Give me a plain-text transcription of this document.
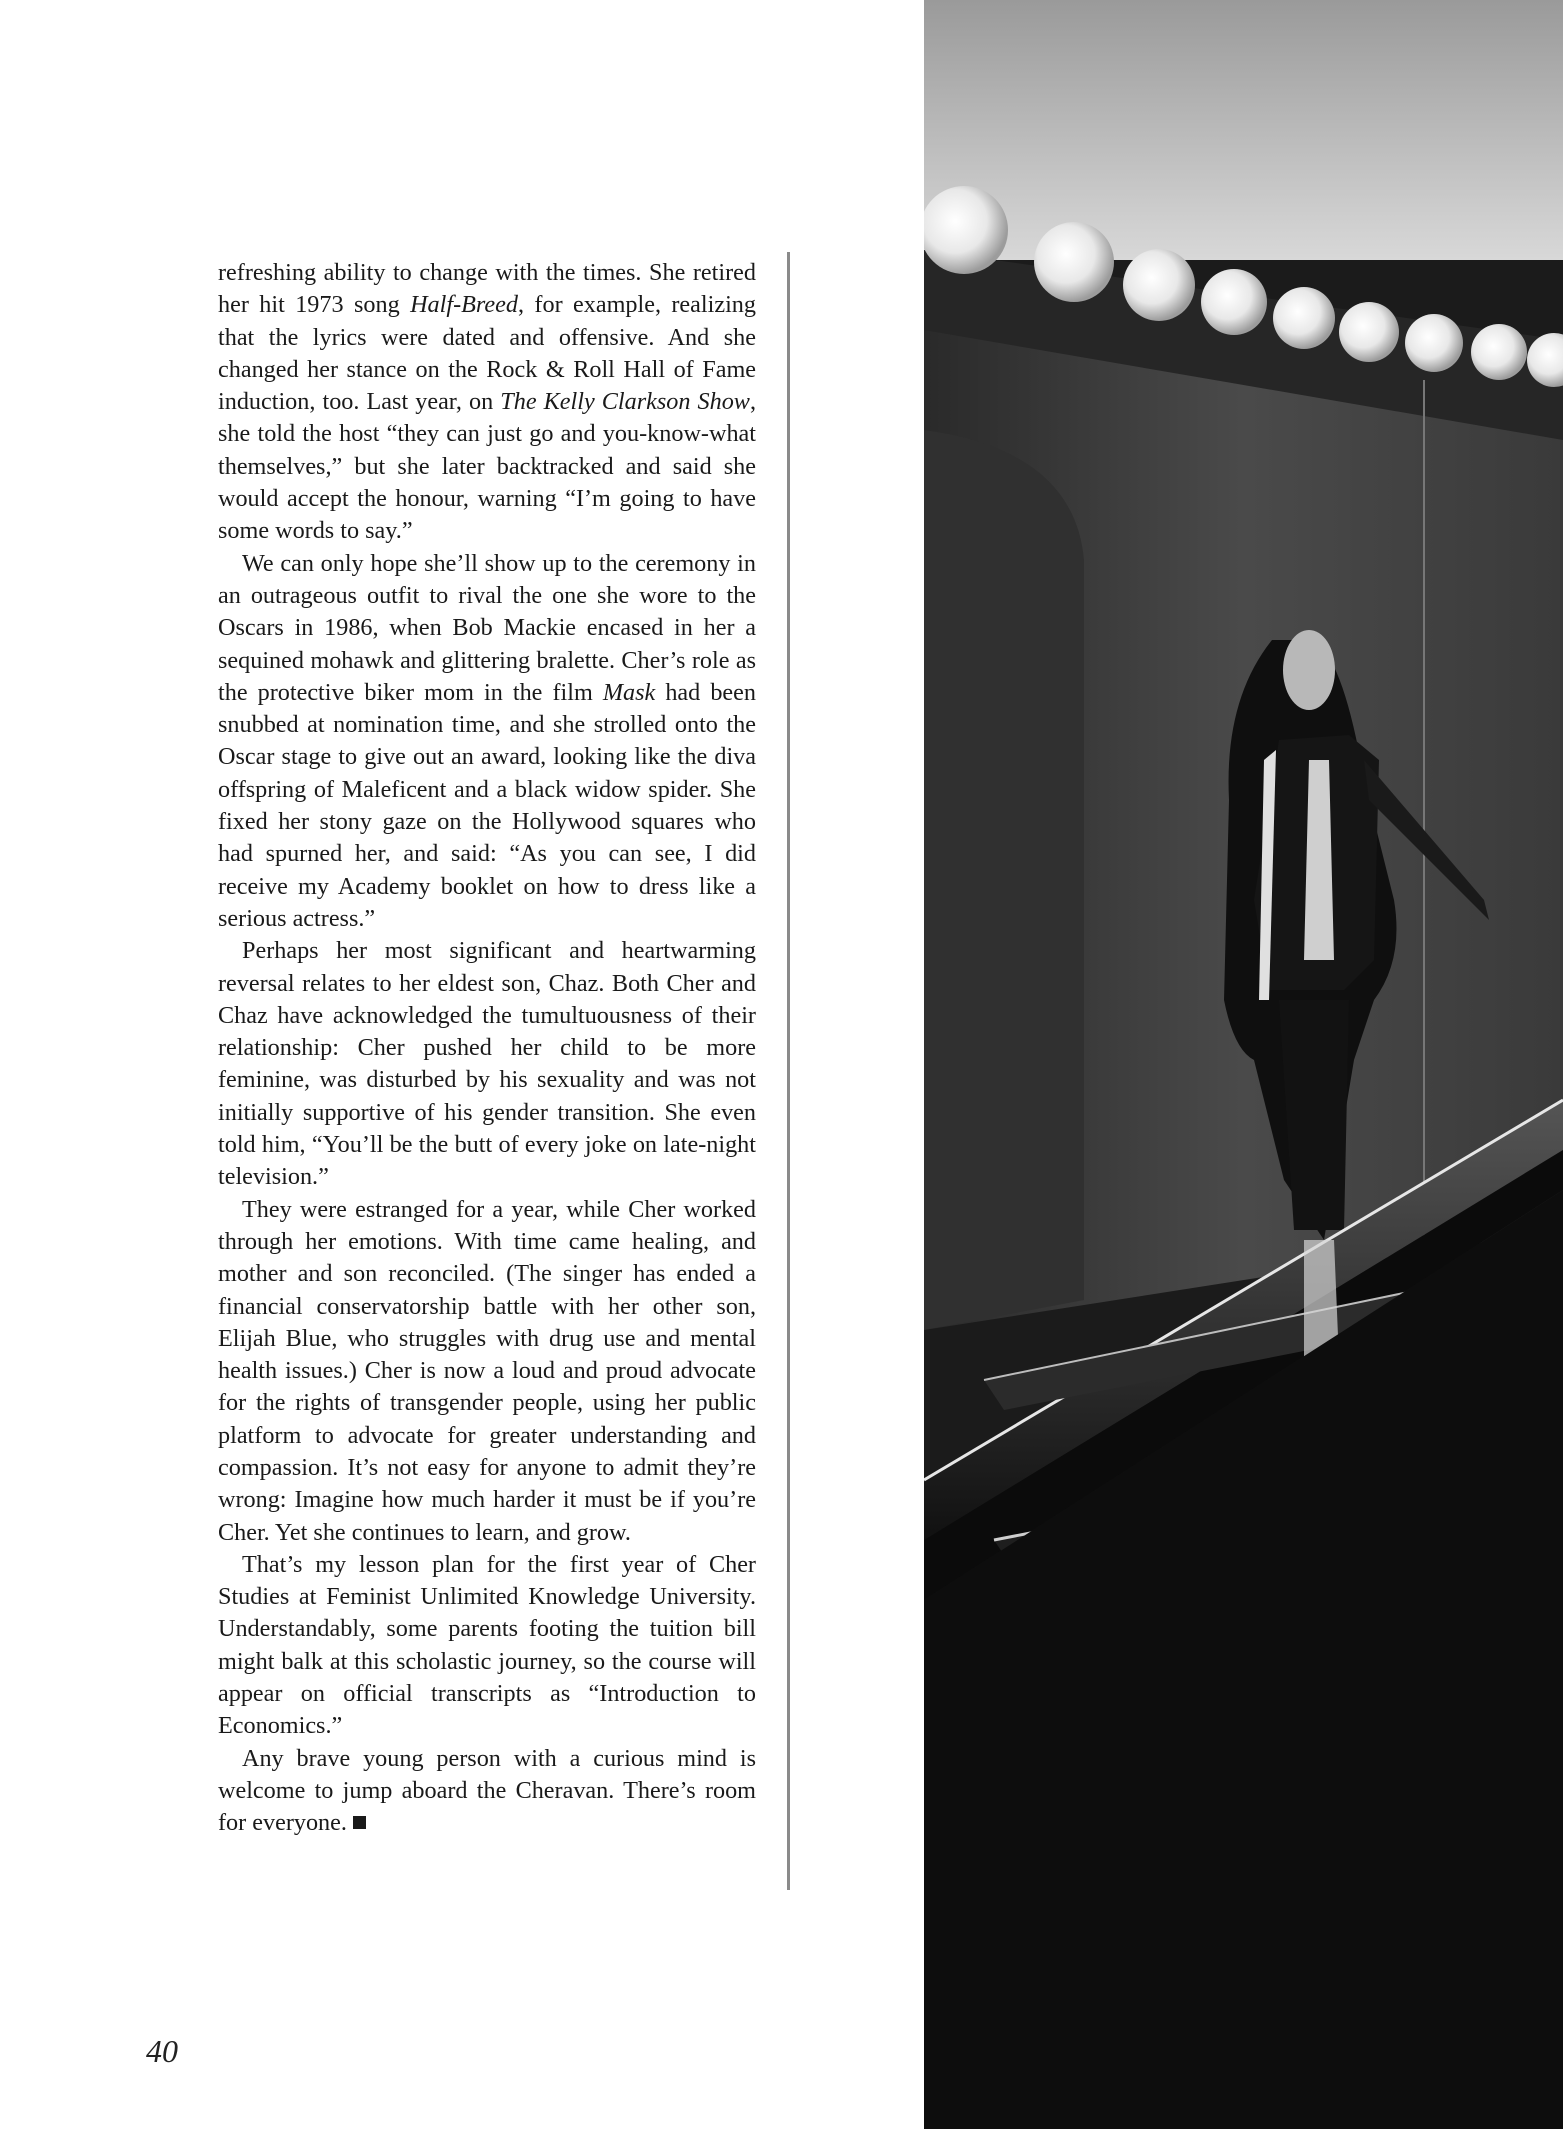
refreshing ability to change with the times. She retired her hit 1973 song Half-Breed, for example, realizing that the lyrics were dated and offensive. And she changed her stance on the Rock & Roll Hall of Fame induction, too. Last year, on The Kelly Clarkson Show, she told the host “they can just go and you-know-what themselves,” but she later backtracked and said she would accept the honour, warning “I’m going to have some words to say.”

We can only hope she’ll show up to the ceremony in an outrageous outfit to rival the one she wore to the Oscars in 1986, when Bob Mackie encased in her a sequined mohawk and glittering bralette. Cher’s role as the protective biker mom in the film Mask had been snubbed at nomination time, and she strolled onto the Oscar stage to give out an award, looking like the diva offspring of Maleficent and a black widow spider. She fixed her stony gaze on the Hollywood squares who had spurned her, and said: “As you can see, I did receive my Academy booklet on how to dress like a serious actress.”

Perhaps her most significant and heartwarming reversal relates to her eldest son, Chaz. Both Cher and Chaz have acknowledged the tumultuousness of their relationship: Cher pushed her child to be more feminine, was disturbed by his sexuality and was not initially supportive of his gender transition. She even told him, “You’ll be the butt of every joke on late-night television.”

They were estranged for a year, while Cher worked through her emotions. With time came healing, and mother and son reconciled. (The singer has ended a financial conservatorship battle with her other son, Elijah Blue, who struggles with drug use and mental health issues.) Cher is now a loud and proud advocate for the rights of transgender people, using her public platform to advocate for greater understanding and compassion. It’s not easy for anyone to admit they’re wrong: Imagine how much harder it must be if you’re Cher. Yet she continues to learn, and grow.

That’s my lesson plan for the first year of Cher Studies at Feminist Unlimited Knowledge University. Understandably, some parents footing the tuition bill might balk at this scholastic journey, so the course will appear on official transcripts as “Introduction to Economics.”

Any brave young person with a curious mind is welcome to jump aboard the Cheravan. There’s room for everyone.

40
